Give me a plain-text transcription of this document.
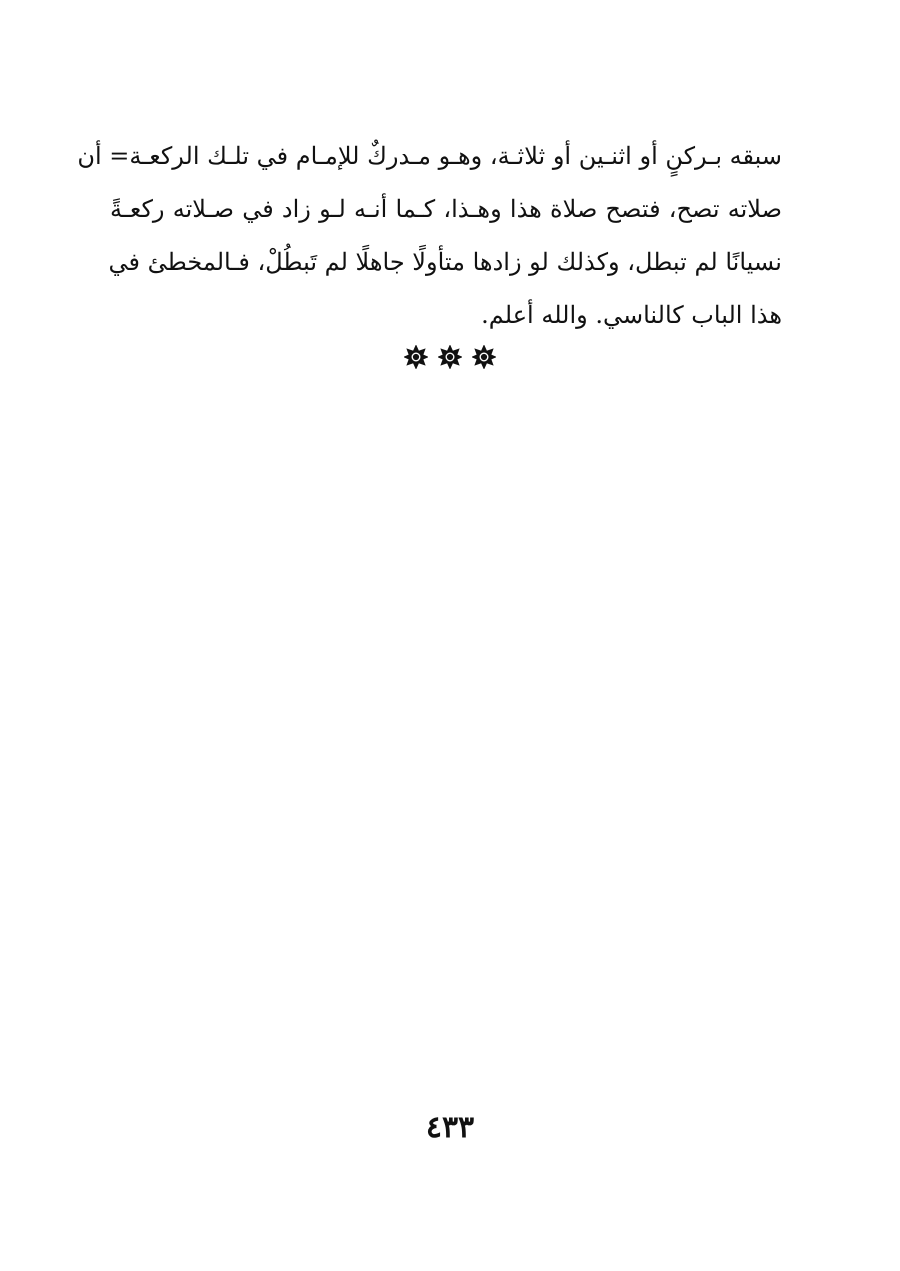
سبقه بـركنٍ أو اثنـين أو ثلاثـة، وهـو مـدركٌ للإمـام في تلـك الركعـة= أن
صلاته تصح، فتصح صلاة هذا وهـذا، كـما أنـه لـو زاد في صـلاته ركعـةً
نسيانًا لم تبطل، وكذلك لو زادها متأولًا جاهلًا لم تَبطُلْ، فـالمخطئ في
هذا الباب كالناسي. والله أعلم.
٤٣٣
